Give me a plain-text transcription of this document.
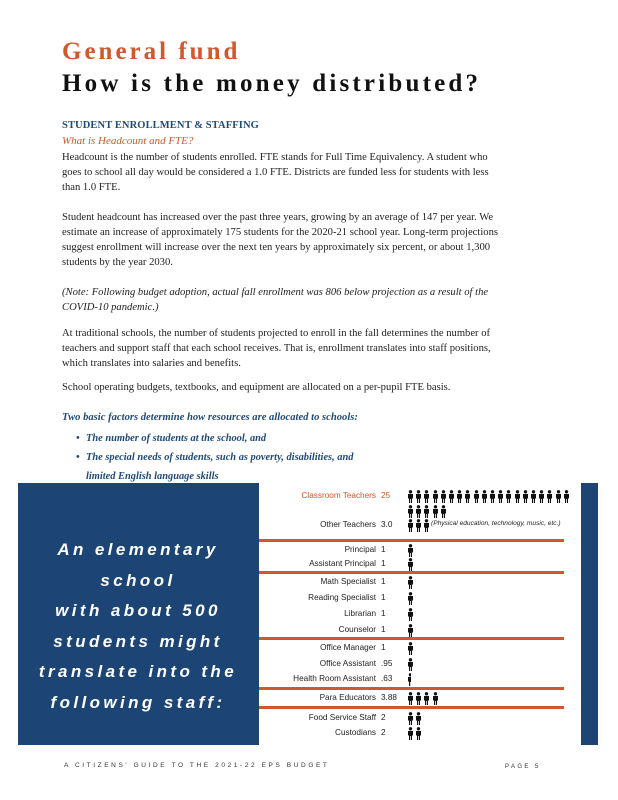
General fund
How is the money distributed?
STUDENT ENROLLMENT & STAFFING
What is Headcount and FTE?

Headcount is the number of students enrolled. FTE stands for Full Time Equivalency. A student who goes to school all day would be considered a 1.0 FTE. Districts are funded less for students with less than 1.0 FTE.

Student headcount has increased over the past three years, growing by an average of 147 per year. We estimate an increase of approximately 175 students for the 2020-21 school year. Long-term projections suggest enrollment will increase over the next ten years by approximately six percent, or about 1,300 students by the year 2030.

(Note: Following budget adoption, actual fall enrollment was 806 below projection as a result of the COVID-10 pandemic.)

At traditional schools, the number of students projected to enroll in the fall determines the number of teachers and support staff that each school receives. That is, enrollment translates into staff positions, which translates into salaries and benefits.

School operating budgets, textbooks, and equipment are allocated on a per-pupil FTE basis.

Two basic factors determine how resources are allocated to schools:
• The number of students at the school, and
• The special needs of students, such as poverty, disabilities, and
limited English language skills
An elementary school
with about 500
students might
translate into the
following staff:
Classroom Teachers 25
Other Teachers 3.0	(Physical education, technology, music, etc.)
Principal 1
Assistant Principal 1
Math Specialist 1
Reading Specialist 1
Librarian 1
Counselor 1
Office Manager 1
Office Assistant .95
Health Room Assistant .63
Para Educators 3.88
Food Service Staff 2
Custodians 2
A CITIZENS' GUIDE TO THE 2021-22 EPS BUDGET	PAGE 5
